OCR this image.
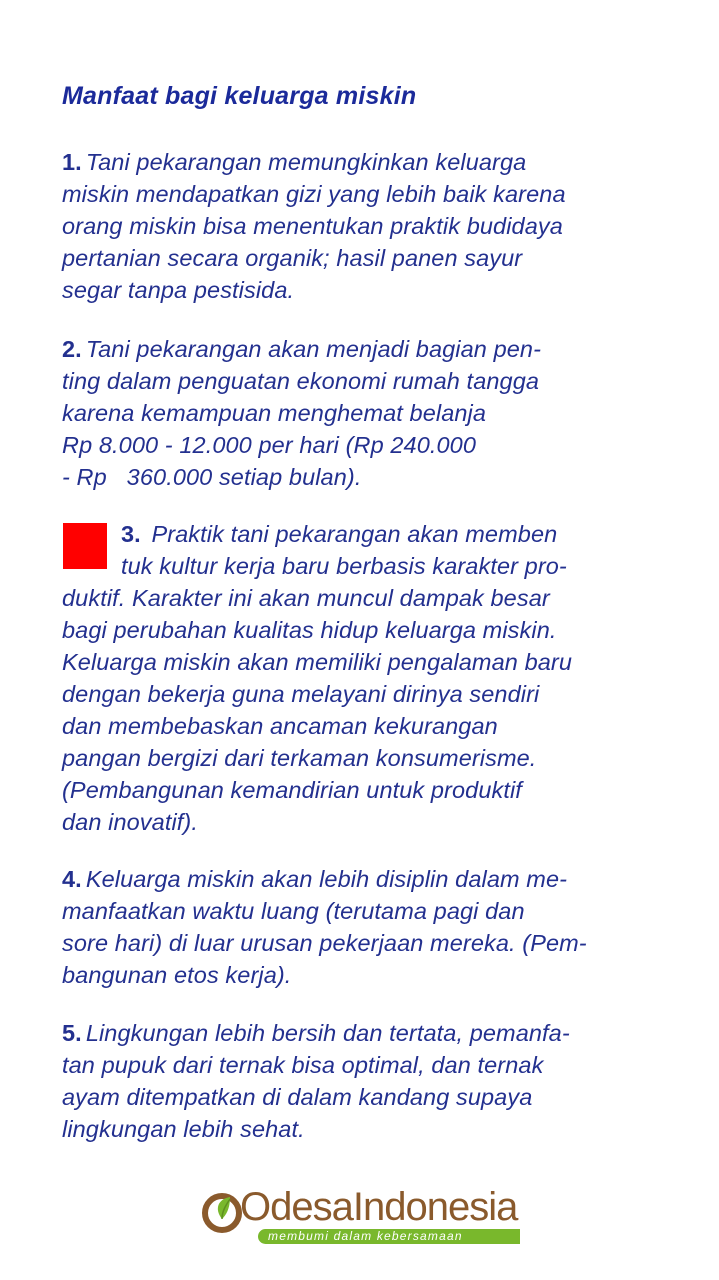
Manfaat bagi keluarga miskin
1. Tani pekarangan memungkinkan keluarga
miskin mendapatkan gizi yang lebih baik karena
orang miskin bisa menentukan praktik budidaya
pertanian secara organik; hasil panen sayur
segar tanpa pestisida.
2. Tani pekarangan akan menjadi bagian pen-
ting dalam penguatan ekonomi rumah tangga
karena kemampuan menghemat belanja
Rp 8.000 - 12.000 per hari (Rp 240.000
- Rp   360.000 setiap bulan).
3. Praktik tani pekarangan akan memben
tuk kultur kerja baru berbasis karakter pro-
duktif. Karakter ini akan muncul dampak besar
bagi perubahan kualitas hidup keluarga miskin.
Keluarga miskin akan memiliki pengalaman baru
dengan bekerja guna melayani dirinya sendiri
dan membebaskan ancaman kekurangan
pangan bergizi dari terkaman konsumerisme.
(Pembangunan kemandirian untuk produktif
dan inovatif).
4. Keluarga miskin akan lebih disiplin dalam me-
manfaatkan waktu luang (terutama pagi dan
sore hari) di luar urusan pekerjaan mereka. (Pem-
bangunan etos kerja).
5. Lingkungan lebih bersih dan tertata, pemanfa-
tan pupuk dari ternak bisa optimal, dan ternak
ayam ditempatkan di dalam kandang supaya
lingkungan lebih sehat.
OdesaIndonesia
membumi dalam kebersamaan
